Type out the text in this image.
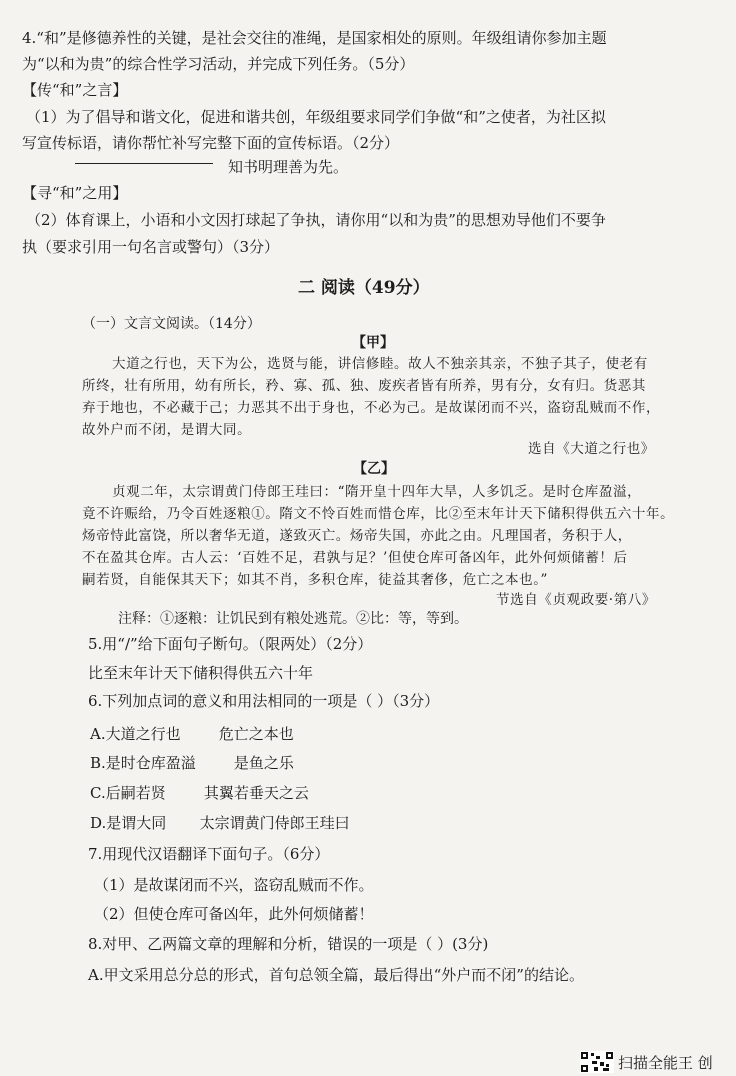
4.“和”是修德养性的关键，是社会交往的准绳，是国家相处的原则。年级组请你参加主题
为“以和为贵”的综合性学习活动，并完成下列任务。（5分）
【传“和”之言】
（1）为了倡导和谐文化，促进和谐共创，年级组要求同学们争做“和”之使者，为社区拟
写宣传标语，请你帮忙补写完整下面的宣传标语。（2分）
知书明理善为先。
【寻“和”之用】
（2）体育课上，小语和小文因打球起了争执，请你用“以和为贵”的思想劝导他们不要争
执（要求引用一句名言或警句）（3分）
二 阅读（49分）
（一）文言文阅读。（14分）
【甲】
大道之行也，天下为公，选贤与能，讲信修睦。故人不独亲其亲，不独子其子，使老有
所终，壮有所用，幼有所长，矜、寡、孤、独、废疾者皆有所养，男有分，女有归。货恶其
弃于地也，不必藏于己；力恶其不出于身也，不必为己。是故谋闭而不兴，盗窃乱贼而不作，
故外户而不闭，是谓大同。
选自《大道之行也》
【乙】
贞观二年，太宗谓黄门侍郎王珪曰：“隋开皇十四年大旱，人多饥乏。是时仓库盈溢，
竟不许赈给，乃令百姓逐粮①。隋文不怜百姓而惜仓库，比②至末年计天下储积得供五六十年。
炀帝恃此富饶，所以奢华无道，遂致灭亡。炀帝失国，亦此之由。凡理国者，务积于人，
不在盈其仓库。古人云：‘百姓不足，君孰与足？’但使仓库可备凶年，此外何烦储蓄！后
嗣若贤，自能保其天下；如其不肖，多积仓库，徒益其奢侈，危亡之本也。”
节选自《贞观政要·第八》
注释：①逐粮：让饥民到有粮处逃荒。②比：等，等到。
5.用“/”给下面句子断句。（限两处）（2分）
比至末年计天下储积得供五六十年
6.下列加点词的意义和用法相同的一项是（ ）（3分）
A.大道之行也        危亡之本也
B.是时仓库盈溢        是鱼之乐
C.后嗣若贤        其翼若垂天之云
D.是谓大同       太宗谓黄门侍郎王珪曰
7.用现代汉语翻译下面句子。（6分）
（1）是故谋闭而不兴，盗窃乱贼而不作。
（2）但使仓库可备凶年，此外何烦储蓄！
8.对甲、乙两篇文章的理解和分析，错误的一项是（ ）(3分)
A.甲文采用总分总的形式，首句总领全篇，最后得出“外户而不闭”的结论。
扫描全能王 创
